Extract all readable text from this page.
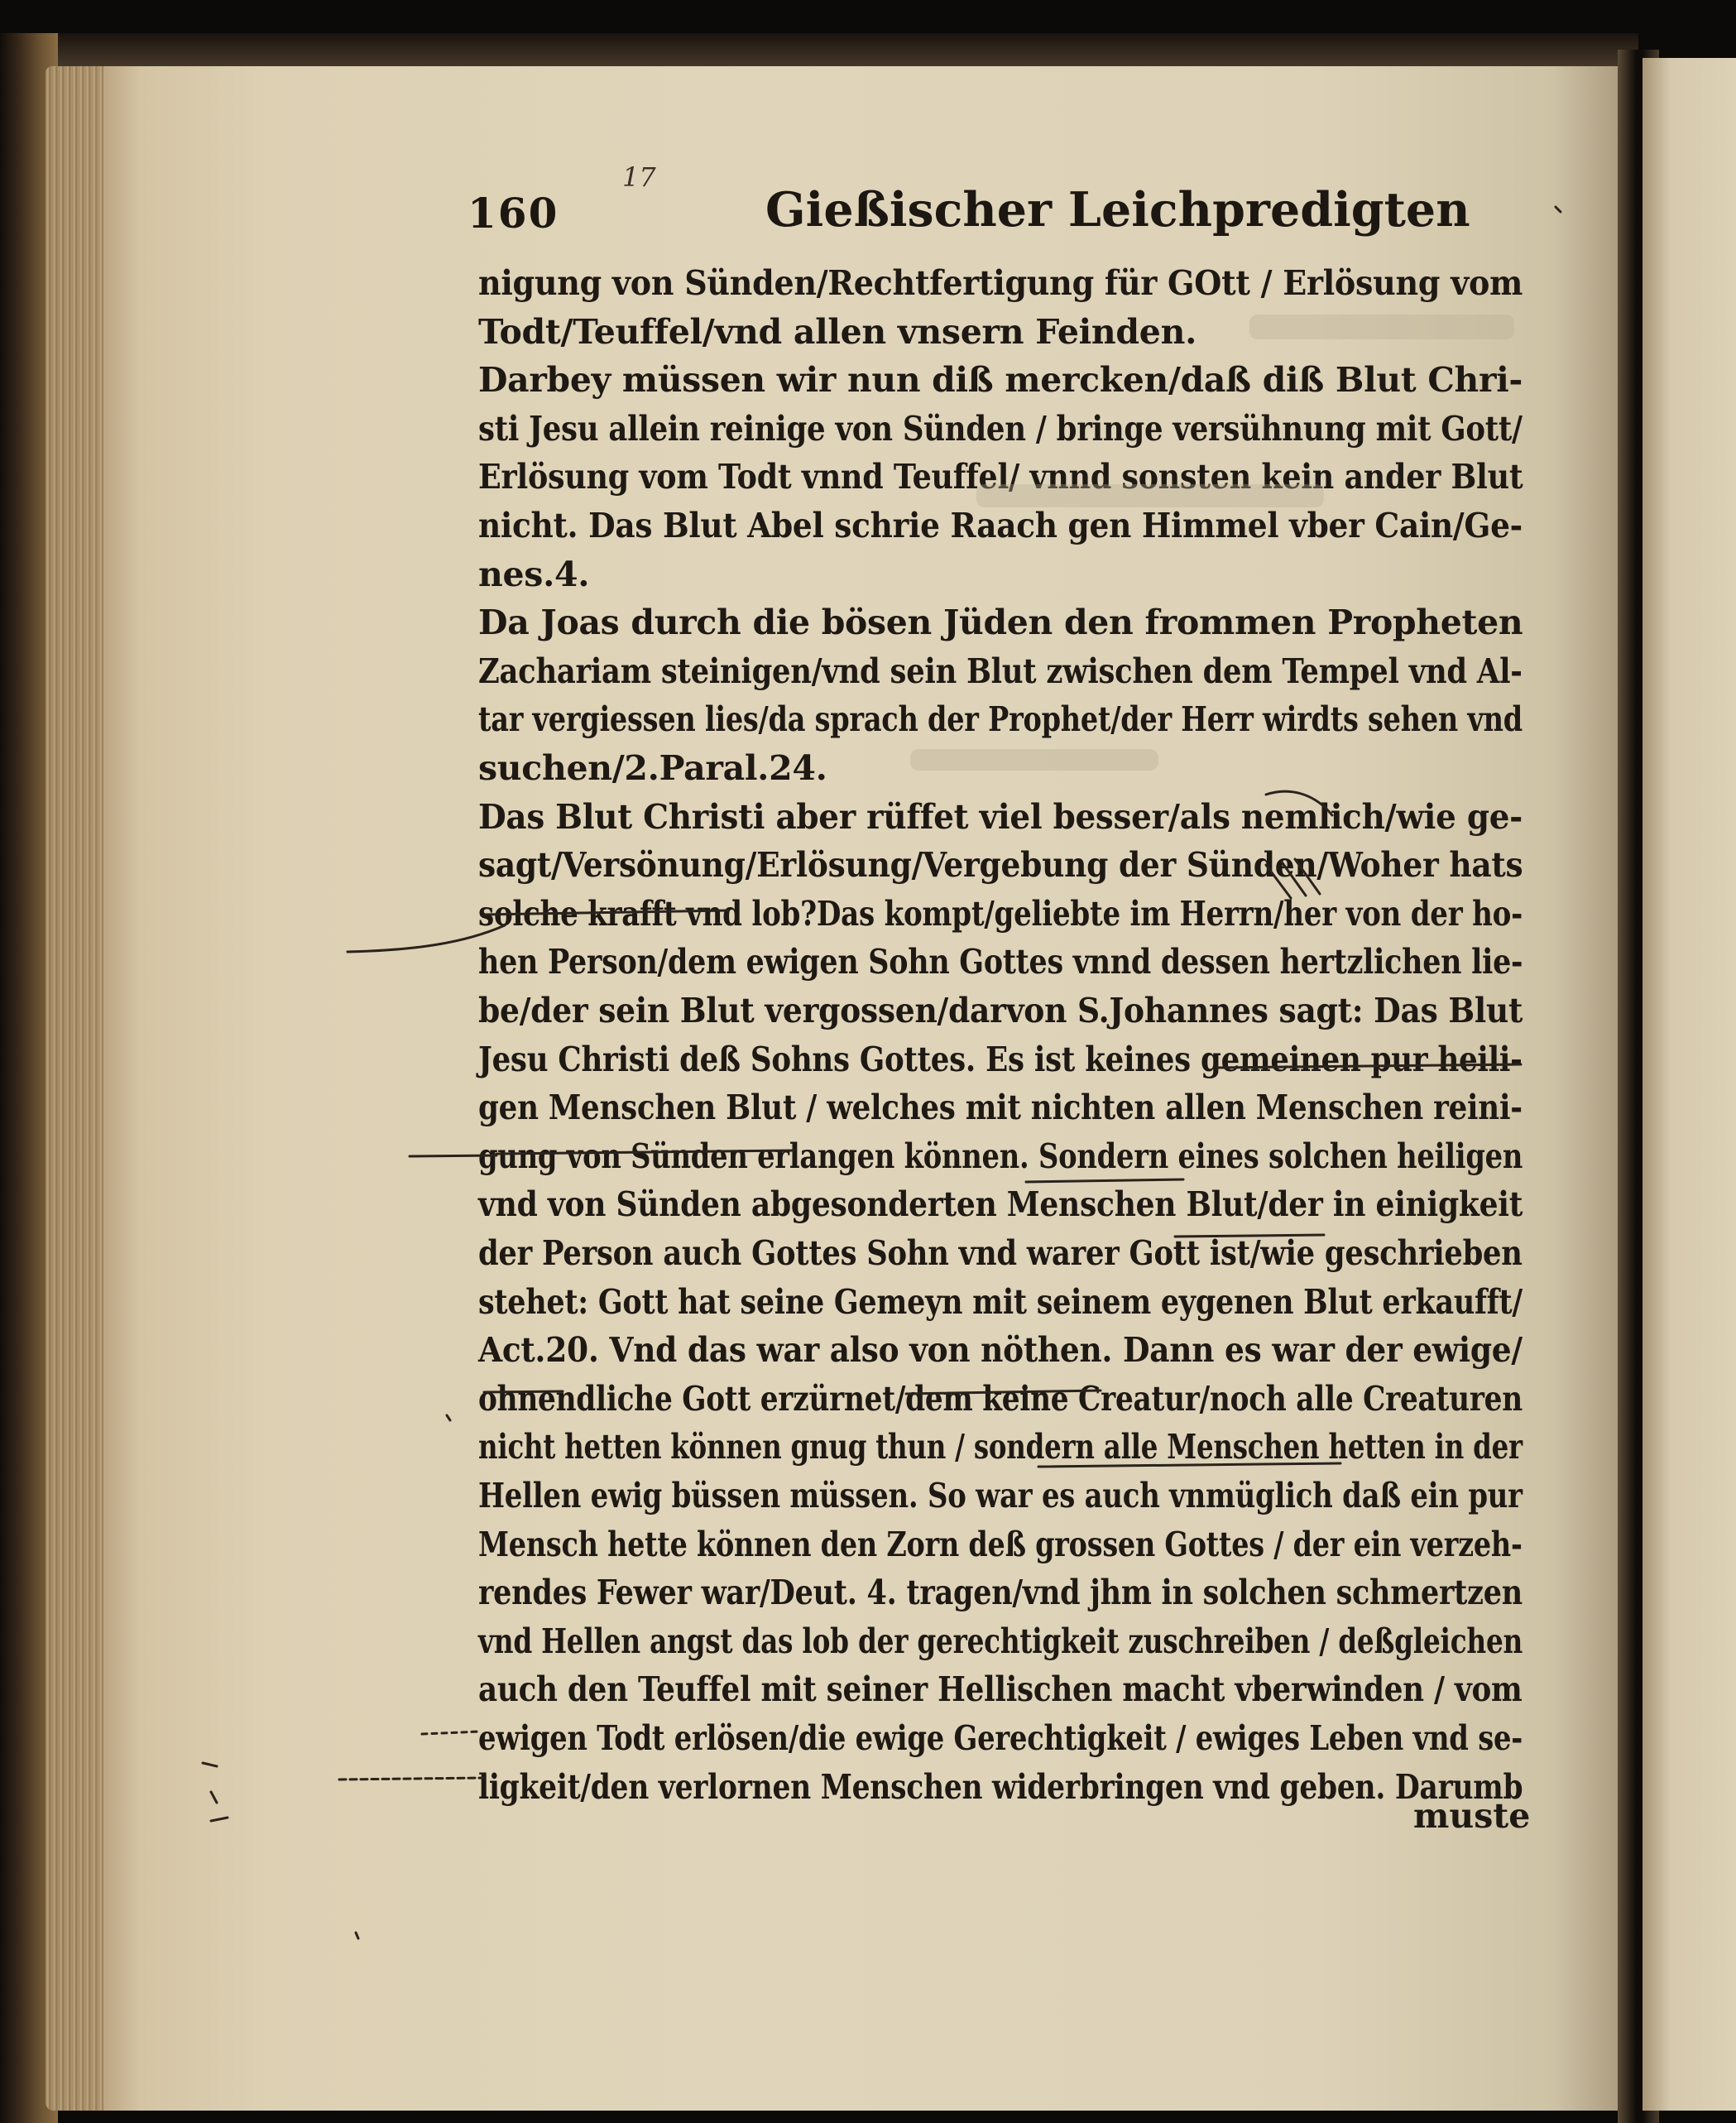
17
160	Gießischer Leichpredigten
nigung von Sünden/Rechtfertigung für GOtt / Erlösung vom
Todt/Teuffel/vnd allen vnsern Feinden.
Darbey müssen wir nun diß mercken/daß diß Blut Chri-
sti Jesu allein reinige von Sünden / bringe versühnung mit Gott/
Erlösung vom Todt vnnd Teuffel/ vnnd sonsten kein ander Blut
nicht. Das Blut Abel schrie Raach gen Himmel vber Cain/Ge-
nes.4.
Da Joas durch die bösen Jüden den frommen Propheten
Zachariam steinigen/vnd sein Blut zwischen dem Tempel vnd Al-
tar vergiessen lies/da sprach der Prophet/der Herr wirdts sehen vnd
suchen/2.Paral.24.
Das Blut Christi aber rüffet viel besser/als nemlich/wie ge-
sagt/Versönung/Erlösung/Vergebung der Sünden/Woher hats
solche krafft vnd lob?Das kompt/geliebte im Herrn/her von der ho-
hen Person/dem ewigen Sohn Gottes vnnd dessen hertzlichen lie-
be/der sein Blut vergossen/darvon S.Johannes sagt: Das Blut
Jesu Christi deß Sohns Gottes. Es ist keines gemeinen pur heili-
gen Menschen Blut / welches mit nichten allen Menschen reini-
gung von Sünden erlangen können. Sondern eines solchen heiligen
vnd von Sünden abgesonderten Menschen Blut/der in einigkeit
der Person auch Gottes Sohn vnd warer Gott ist/wie geschrieben
stehet: Gott hat seine Gemeyn mit seinem eygenen Blut erkaufft/
Act.20. Vnd das war also von nöthen. Dann es war der ewige/
ohnendliche Gott erzürnet/dem keine Creatur/noch alle Creaturen
nicht hetten können gnug thun / sondern alle Menschen hetten in der
Hellen ewig büssen müssen. So war es auch vnmüglich daß ein pur
Mensch hette können den Zorn deß grossen Gottes / der ein verzeh-
rendes Fewer war/Deut. 4. tragen/vnd jhm in solchen schmertzen
vnd Hellen angst das lob der gerechtigkeit zuschreiben / deßgleichen
auch den Teuffel mit seiner Hellischen macht vberwinden / vom
ewigen Todt erlösen/die ewige Gerechtigkeit / ewiges Leben vnd se-
ligkeit/den verlornen Menschen widerbringen vnd geben. Darumb
muste
